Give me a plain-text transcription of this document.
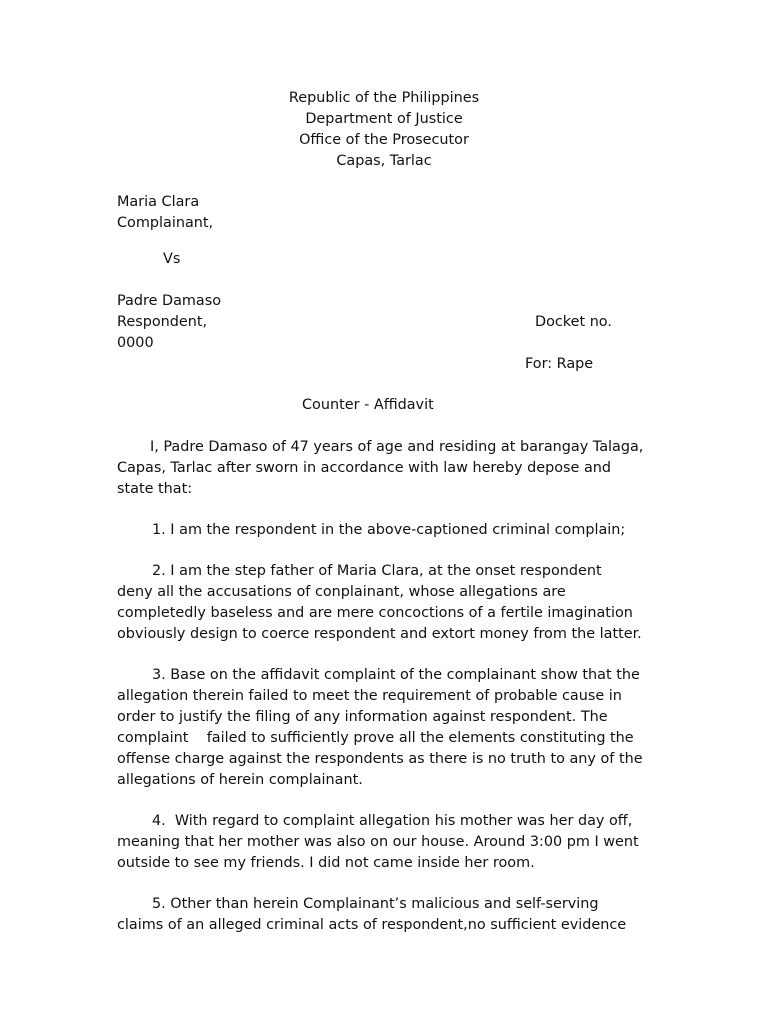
Republic of the Philippines
Department of Justice
Office of the Prosecutor
Capas, Tarlac
Maria Clara
Complainant,
Vs
Padre Damaso
Respondent,	Docket no.
0000
For: Rape
Counter - Affidavit
I, Padre Damaso of 47 years of age and residing at barangay Talaga,
Capas, Tarlac after sworn in accordance with law hereby depose and
state that:
1. I am the respondent in the above-captioned criminal complain;
2. I am the step father of Maria Clara, at the onset respondent
deny all the accusations of conplainant, whose allegations are
completedly baseless and are mere concoctions of a fertile imagination
obviously design to coerce respondent and extort money from the latter.
3. Base on the affidavit complaint of the complainant show that the
allegation therein failed to meet the requirement of probable cause in
order to justify the filing of any information against respondent. The
complaint    failed to sufficiently prove all the elements constituting the
offense charge against the respondents as there is no truth to any of the
allegations of herein complainant.
4.  With regard to complaint allegation his mother was her day off,
meaning that her mother was also on our house. Around 3:00 pm I went
outside to see my friends. I did not came inside her room.
5. Other than herein Complainant’s malicious and self-serving
claims of an alleged criminal acts of respondent,no sufficient evidence
